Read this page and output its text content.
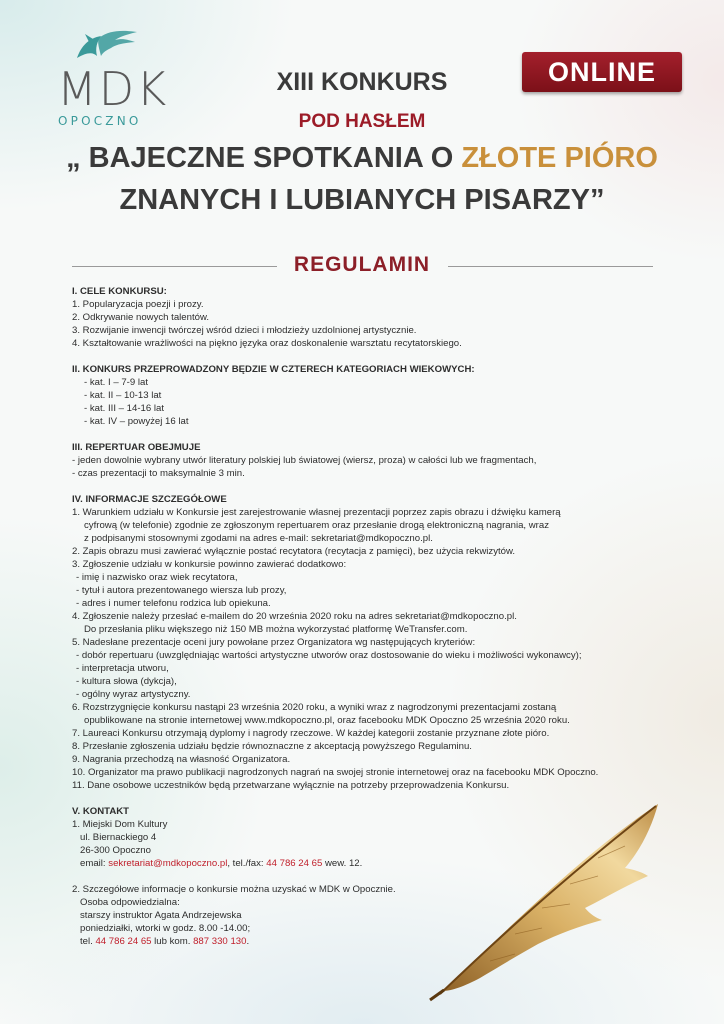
MDK
OPOCZNO
ONLINE
XIII KONKURS
POD HASŁEM
„ BAJECZNE SPOTKANIA O ZŁOTE PIÓRO
ZNANYCH I LUBIANYCH PISARZY”
REGULAMIN
I. CELE KONKURSU:
1. Popularyzacja poezji i prozy.
2. Odkrywanie nowych talentów.
3. Rozwijanie inwencji twórczej wśród dzieci i młodzieży uzdolnionej artystycznie.
4. Kształtowanie wrażliwości na piękno języka oraz doskonalenie warsztatu recytatorskiego.
II. KONKURS PRZEPROWADZONY BĘDZIE W CZTERECH KATEGORIACH WIEKOWYCH:
- kat. I – 7-9 lat
- kat. II – 10-13 lat
- kat. III – 14-16 lat
- kat. IV – powyżej 16 lat
III. REPERTUAR OBEJMUJE
- jeden dowolnie wybrany utwór literatury polskiej lub światowej (wiersz, proza) w całości lub we fragmentach,
- czas prezentacji to maksymalnie 3 min.
IV. INFORMACJE SZCZEGÓŁOWE
1. Warunkiem udziału w Konkursie jest zarejestrowanie własnej prezentacji poprzez zapis obrazu i dźwięku kamerą
cyfrową (w telefonie) zgodnie ze zgłoszonym repertuarem oraz przesłanie drogą elektroniczną nagrania, wraz
z podpisanymi stosownymi zgodami na adres e-mail: sekretariat@mdkopoczno.pl.
2. Zapis obrazu musi zawierać wyłącznie postać recytatora (recytacja z pamięci), bez użycia rekwizytów.
3. Zgłoszenie udziału w konkursie powinno zawierać dodatkowo:
- imię i nazwisko oraz wiek recytatora,
- tytuł i autora prezentowanego wiersza lub prozy,
- adres i numer telefonu rodzica lub opiekuna.
4. Zgłoszenie należy przesłać e-mailem do 20 września 2020 roku na adres sekretariat@mdkopoczno.pl.
Do przesłania pliku większego niż 150 MB można wykorzystać platformę WeTransfer.com.
5. Nadesłane prezentacje oceni jury powołane przez Organizatora wg następujących kryteriów:
- dobór repertuaru (uwzględniając wartości artystyczne utworów oraz dostosowanie do wieku i możliwości wykonawcy);
- interpretacja utworu,
- kultura słowa (dykcja),
- ogólny wyraz artystyczny.
6. Rozstrzygnięcie konkursu nastąpi 23 września 2020 roku, a wyniki wraz z nagrodzonymi prezentacjami zostaną
opublikowane na stronie internetowej www.mdkopoczno.pl, oraz facebooku MDK Opoczno 25 września 2020 roku.
7. Laureaci Konkursu otrzymają dyplomy i nagrody rzeczowe. W każdej kategorii zostanie przyznane złote pióro.
8. Przesłanie zgłoszenia udziału będzie równoznaczne z akceptacją powyższego Regulaminu.
9. Nagrania przechodzą na własność Organizatora.
10. Organizator ma prawo publikacji nagrodzonych nagrań na swojej stronie internetowej oraz na facebooku MDK Opoczno.
11. Dane osobowe uczestników będą przetwarzane wyłącznie na potrzeby przeprowadzenia Konkursu.
V. KONTAKT
1. Miejski Dom Kultury
ul. Biernackiego 4
26-300 Opoczno
email: sekretariat@mdkopoczno.pl, tel./fax: 44 786 24 65 wew. 12.
2. Szczegółowe informacje o konkursie można uzyskać w MDK w Opocznie.
Osoba odpowiedzialna:
starszy instruktor Agata Andrzejewska
poniedziałki, wtorki w godz. 8.00 -14.00;
tel. 44 786 24 65 lub kom. 887 330 130.
